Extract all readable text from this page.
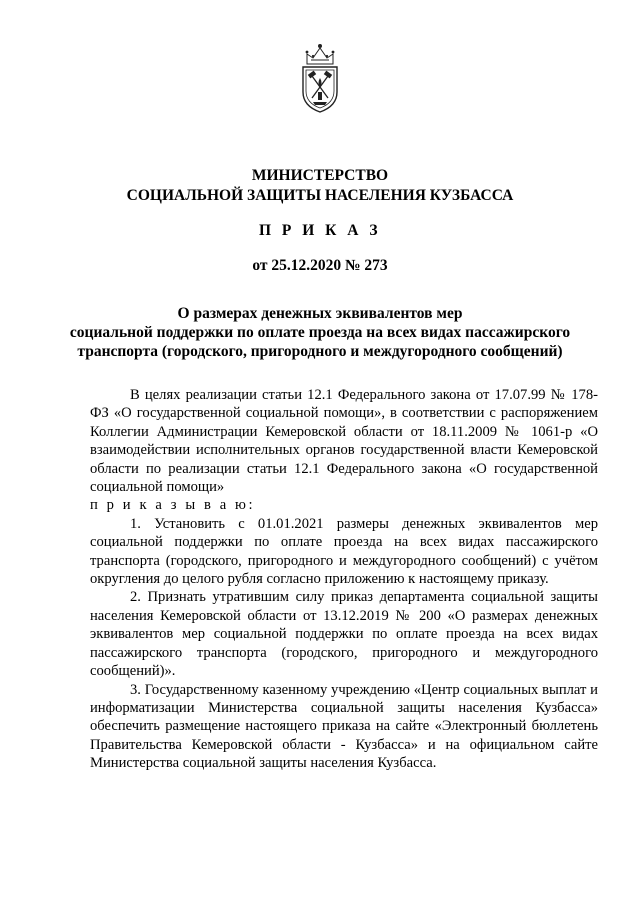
МИНИСТЕРСТВО
СОЦИАЛЬНОЙ ЗАЩИТЫ НАСЕЛЕНИЯ КУЗБАССА
П Р И К А З
от 25.12.2020 № 273
О размерах денежных эквивалентов мер
социальной поддержки по оплате проезда на всех видах пассажирского
транспорта (городского, пригородного и междугородного сообщений)

В целях реализации статьи 12.1 Федерального закона от 17.07.99 № 178-ФЗ «О государственной социальной помощи», в соответствии с распоряжением Коллегии Администрации Кемеровской области от 18.11.2009 № 1061-р «О взаимодействии исполнительных органов государственной власти Кемеровской области по реализации статьи 12.1 Федерального закона «О государственной социальной помощи»

п р и к а з ы в а ю:

1. Установить с 01.01.2021 размеры денежных эквивалентов мер социальной поддержки по оплате проезда на всех видах пассажирского транспорта (городского, пригородного и междугородного сообщений) с учётом округления до целого рубля согласно приложению к настоящему приказу.

2. Признать утратившим силу приказ департамента социальной защиты населения Кемеровской области от 13.12.2019 № 200 «О размерах денежных эквивалентов мер социальной поддержки по оплате проезда на всех видах пассажирского транспорта (городского, пригородного и междугородного сообщений)».

3. Государственному казенному учреждению «Центр социальных выплат и информатизации Министерства социальной защиты населения Кузбасса» обеспечить размещение настоящего приказа на сайте «Электронный бюллетень Правительства Кемеровской области - Кузбасса» и на официальном сайте Министерства социальной защиты населения Кузбасса.
